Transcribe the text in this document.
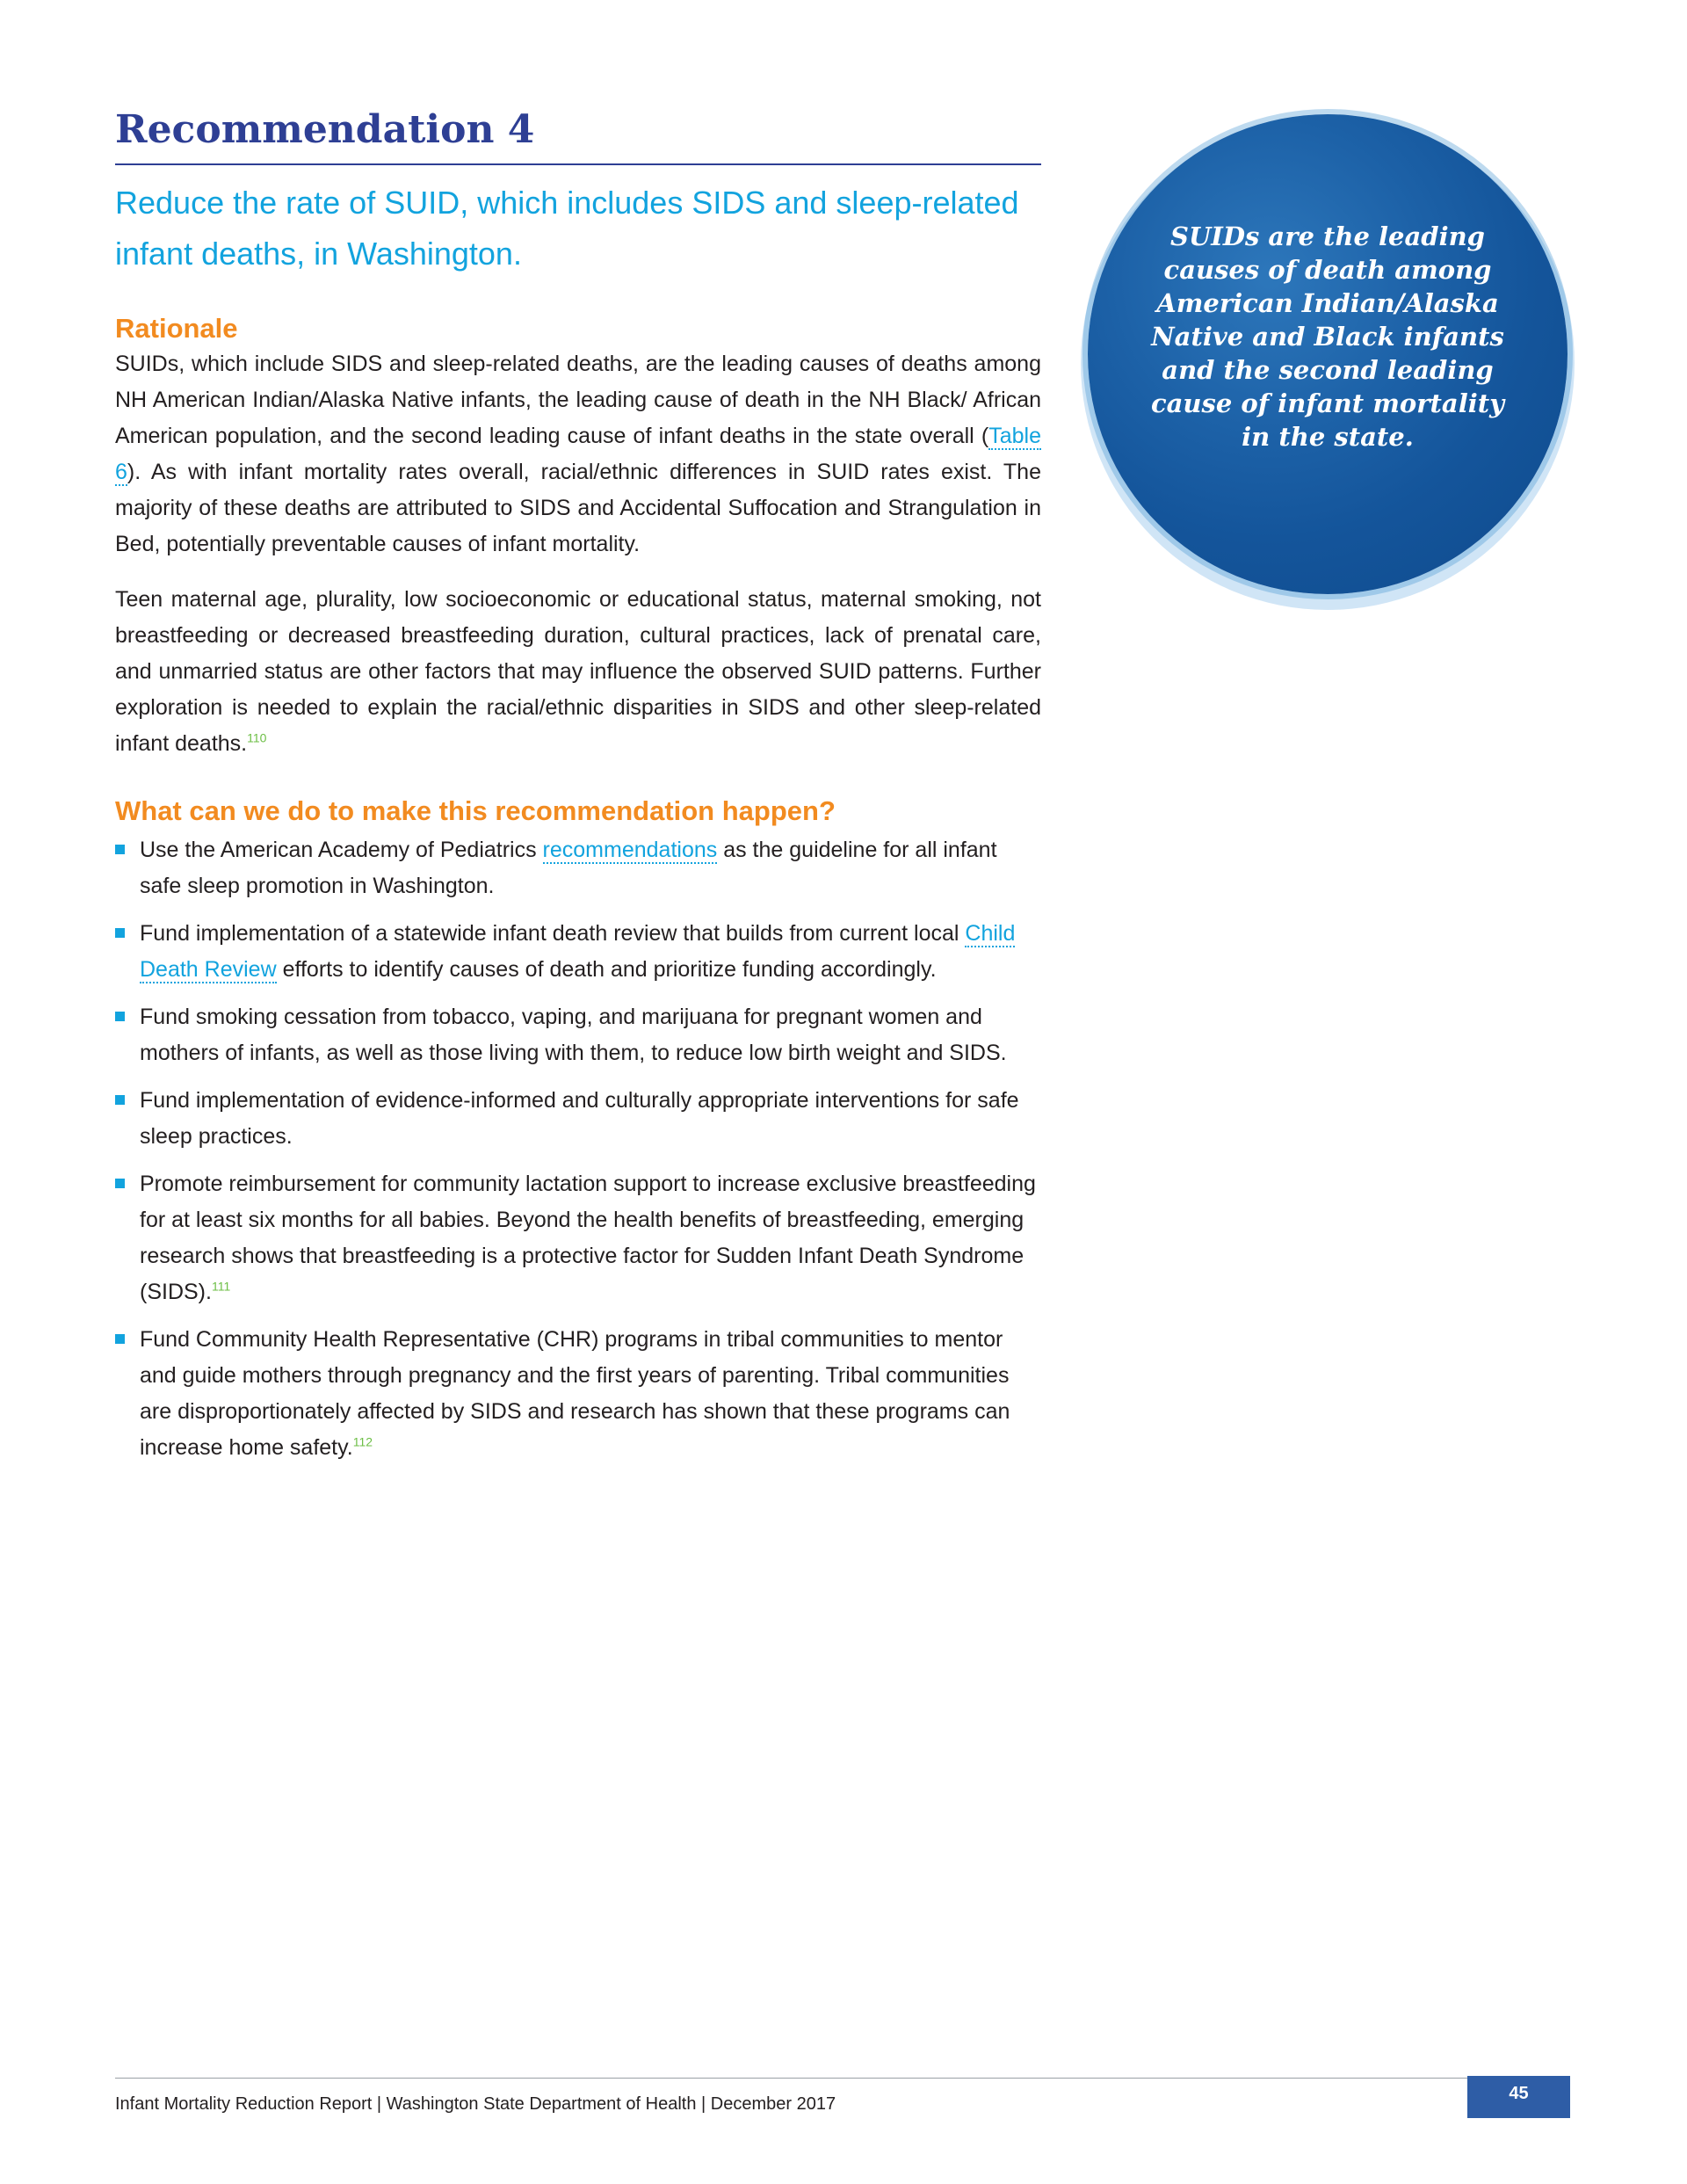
Recommendation 4
Reduce the rate of SUID, which includes SIDS and sleep-related
infant deaths, in Washington.
Rationale

SUIDs, which include SIDS and sleep-related deaths, are the leading causes of deaths among NH American Indian/Alaska Native infants, the leading cause of death in the NH Black/ African American population, and the second leading cause of infant deaths in the state overall (Table 6). As with infant mortality rates overall, racial/ethnic differences in SUID rates exist. The majority of these deaths are attributed to SIDS and Accidental Suffocation and Strangulation in Bed, potentially preventable causes of infant mortality.

Teen maternal age, plurality, low socioeconomic or educational status, maternal smoking, not breastfeeding or decreased breastfeeding duration, cultural practices, lack of prenatal care, and unmarried status are other factors that may influence the observed SUID patterns. Further exploration is needed to explain the racial/ethnic disparities in SIDS and other sleep-related infant deaths.$^{110}$

What can we do to make this recommendation happen?
Use the American Academy of Pediatrics recommendations as the guideline for all infant safe sleep promotion in Washington.
Fund implementation of a statewide infant death review that builds from current local Child Death Review efforts to identify causes of death and prioritize funding accordingly.
Fund smoking cessation from tobacco, vaping, and marijuana for pregnant women and mothers of infants, as well as those living with them, to reduce low birth weight and SIDS.
Fund implementation of evidence-informed and culturally appropriate interventions for safe sleep practices.
Promote reimbursement for community lactation support to increase exclusive breastfeeding for at least six months for all babies. Beyond the health benefits of breastfeeding, emerging research shows that breastfeeding is a protective factor for Sudden Infant Death Syndrome (SIDS).$^{111}$
Fund Community Health Representative (CHR) programs in tribal communities to mentor and guide mothers through pregnancy and the first years of parenting. Tribal communities are disproportionately affected by SIDS and research has shown that these programs can increase home safety.$^{112}$
SUIDs are the leading causes of death among American Indian/Alaska Native and Black infants and the second leading cause of infant mortality in the state.
Infant Mortality Reduction Report | Washington State Department of Health | December 2017
45
